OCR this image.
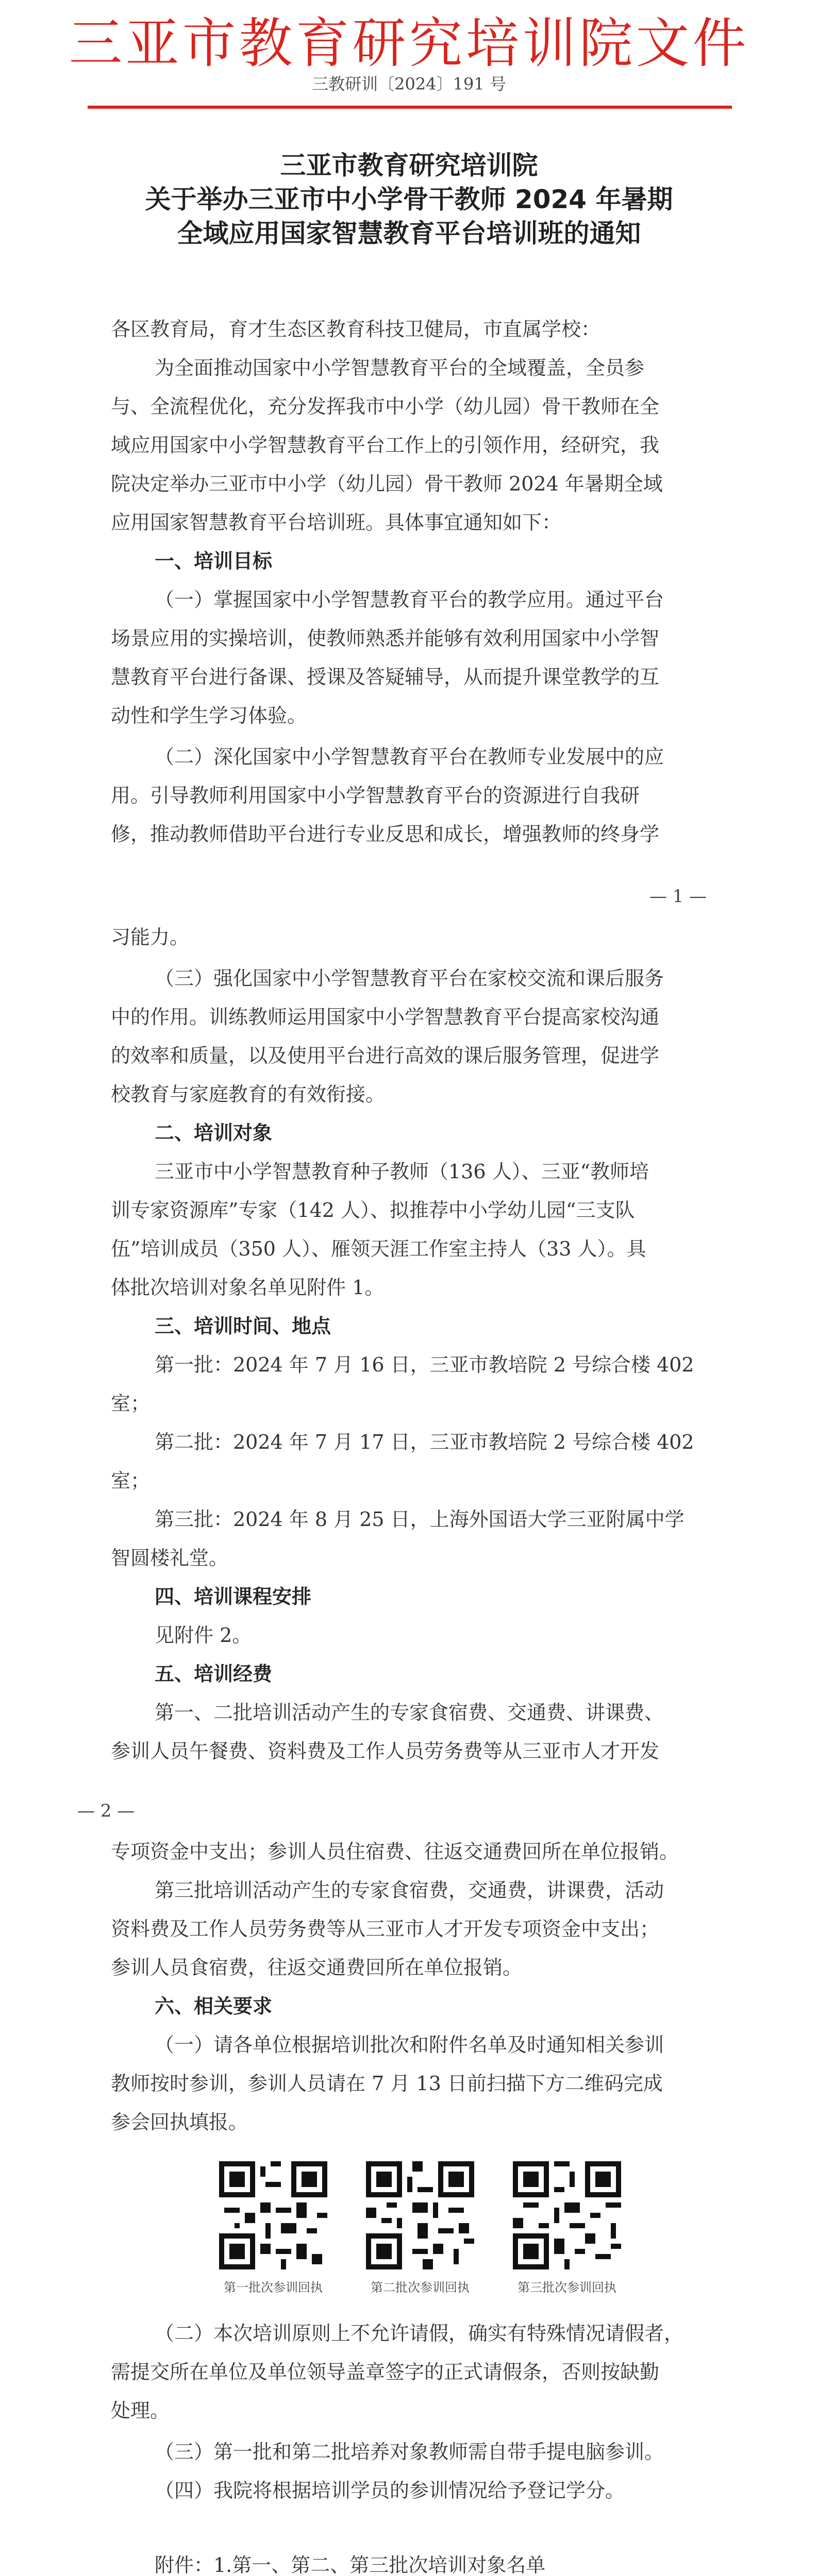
三亚市教育研究培训院文件
三教研训〔2024〕191 号
三亚市教育研究培训院
关于举办三亚市中小学骨干教师 2024 年暑期
全域应用国家智慧教育平台培训班的通知
各区教育局，育才生态区教育科技卫健局，市直属学校：
为全面推动国家中小学智慧教育平台的全域覆盖，全员参
与、全流程优化，充分发挥我市中小学（幼儿园）骨干教师在全
域应用国家中小学智慧教育平台工作上的引领作用，经研究，我
院决定举办三亚市中小学（幼儿园）骨干教师 2024 年暑期全域
应用国家智慧教育平台培训班。具体事宜通知如下：
一、培训目标
（一）掌握国家中小学智慧教育平台的教学应用。通过平台
场景应用的实操培训，使教师熟悉并能够有效利用国家中小学智
慧教育平台进行备课、授课及答疑辅导，从而提升课堂教学的互
动性和学生学习体验。
（二）深化国家中小学智慧教育平台在教师专业发展中的应
用。引导教师利用国家中小学智慧教育平台的资源进行自我研
修，推动教师借助平台进行专业反思和成长，增强教师的终身学
— 1 —
习能力。
（三）强化国家中小学智慧教育平台在家校交流和课后服务
中的作用。训练教师运用国家中小学智慧教育平台提高家校沟通
的效率和质量，以及使用平台进行高效的课后服务管理，促进学
校教育与家庭教育的有效衔接。
二、培训对象
三亚市中小学智慧教育种子教师（136 人）、三亚“教师培
训专家资源库”专家（142 人）、拟推荐中小学幼儿园“三支队
伍”培训成员（350 人）、雁领天涯工作室主持人（33 人）。具
体批次培训对象名单见附件 1。
三、培训时间、地点
第一批：2024 年 7 月 16 日，三亚市教培院 2 号综合楼 402
室；
第二批：2024 年 7 月 17 日，三亚市教培院 2 号综合楼 402
室；
第三批：2024 年 8 月 25 日，上海外国语大学三亚附属中学
智圆楼礼堂。
四、培训课程安排
见附件 2。
五、培训经费
第一、二批培训活动产生的专家食宿费、交通费、讲课费、
参训人员午餐费、资料费及工作人员劳务费等从三亚市人才开发
— 2 —
专项资金中支出；参训人员住宿费、往返交通费回所在单位报销。
第三批培训活动产生的专家食宿费，交通费，讲课费，活动
资料费及工作人员劳务费等从三亚市人才开发专项资金中支出；
参训人员食宿费，往返交通费回所在单位报销。
六、相关要求
（一）请各单位根据培训批次和附件名单及时通知相关参训
教师按时参训，参训人员请在 7 月 13 日前扫描下方二维码完成
参会回执填报。
第一批次参训回执	第二批次参训回执	第三批次参训回执
（二）本次培训原则上不允许请假，确实有特殊情况请假者，
需提交所在单位及单位领导盖章签字的正式请假条，否则按缺勤
处理。
（三）第一批和第二批培养对象教师需自带手提电脑参训。
（四）我院将根据培训学员的参训情况给予登记学分。
附件：1.第一、第二、第三批次培训对象名单
